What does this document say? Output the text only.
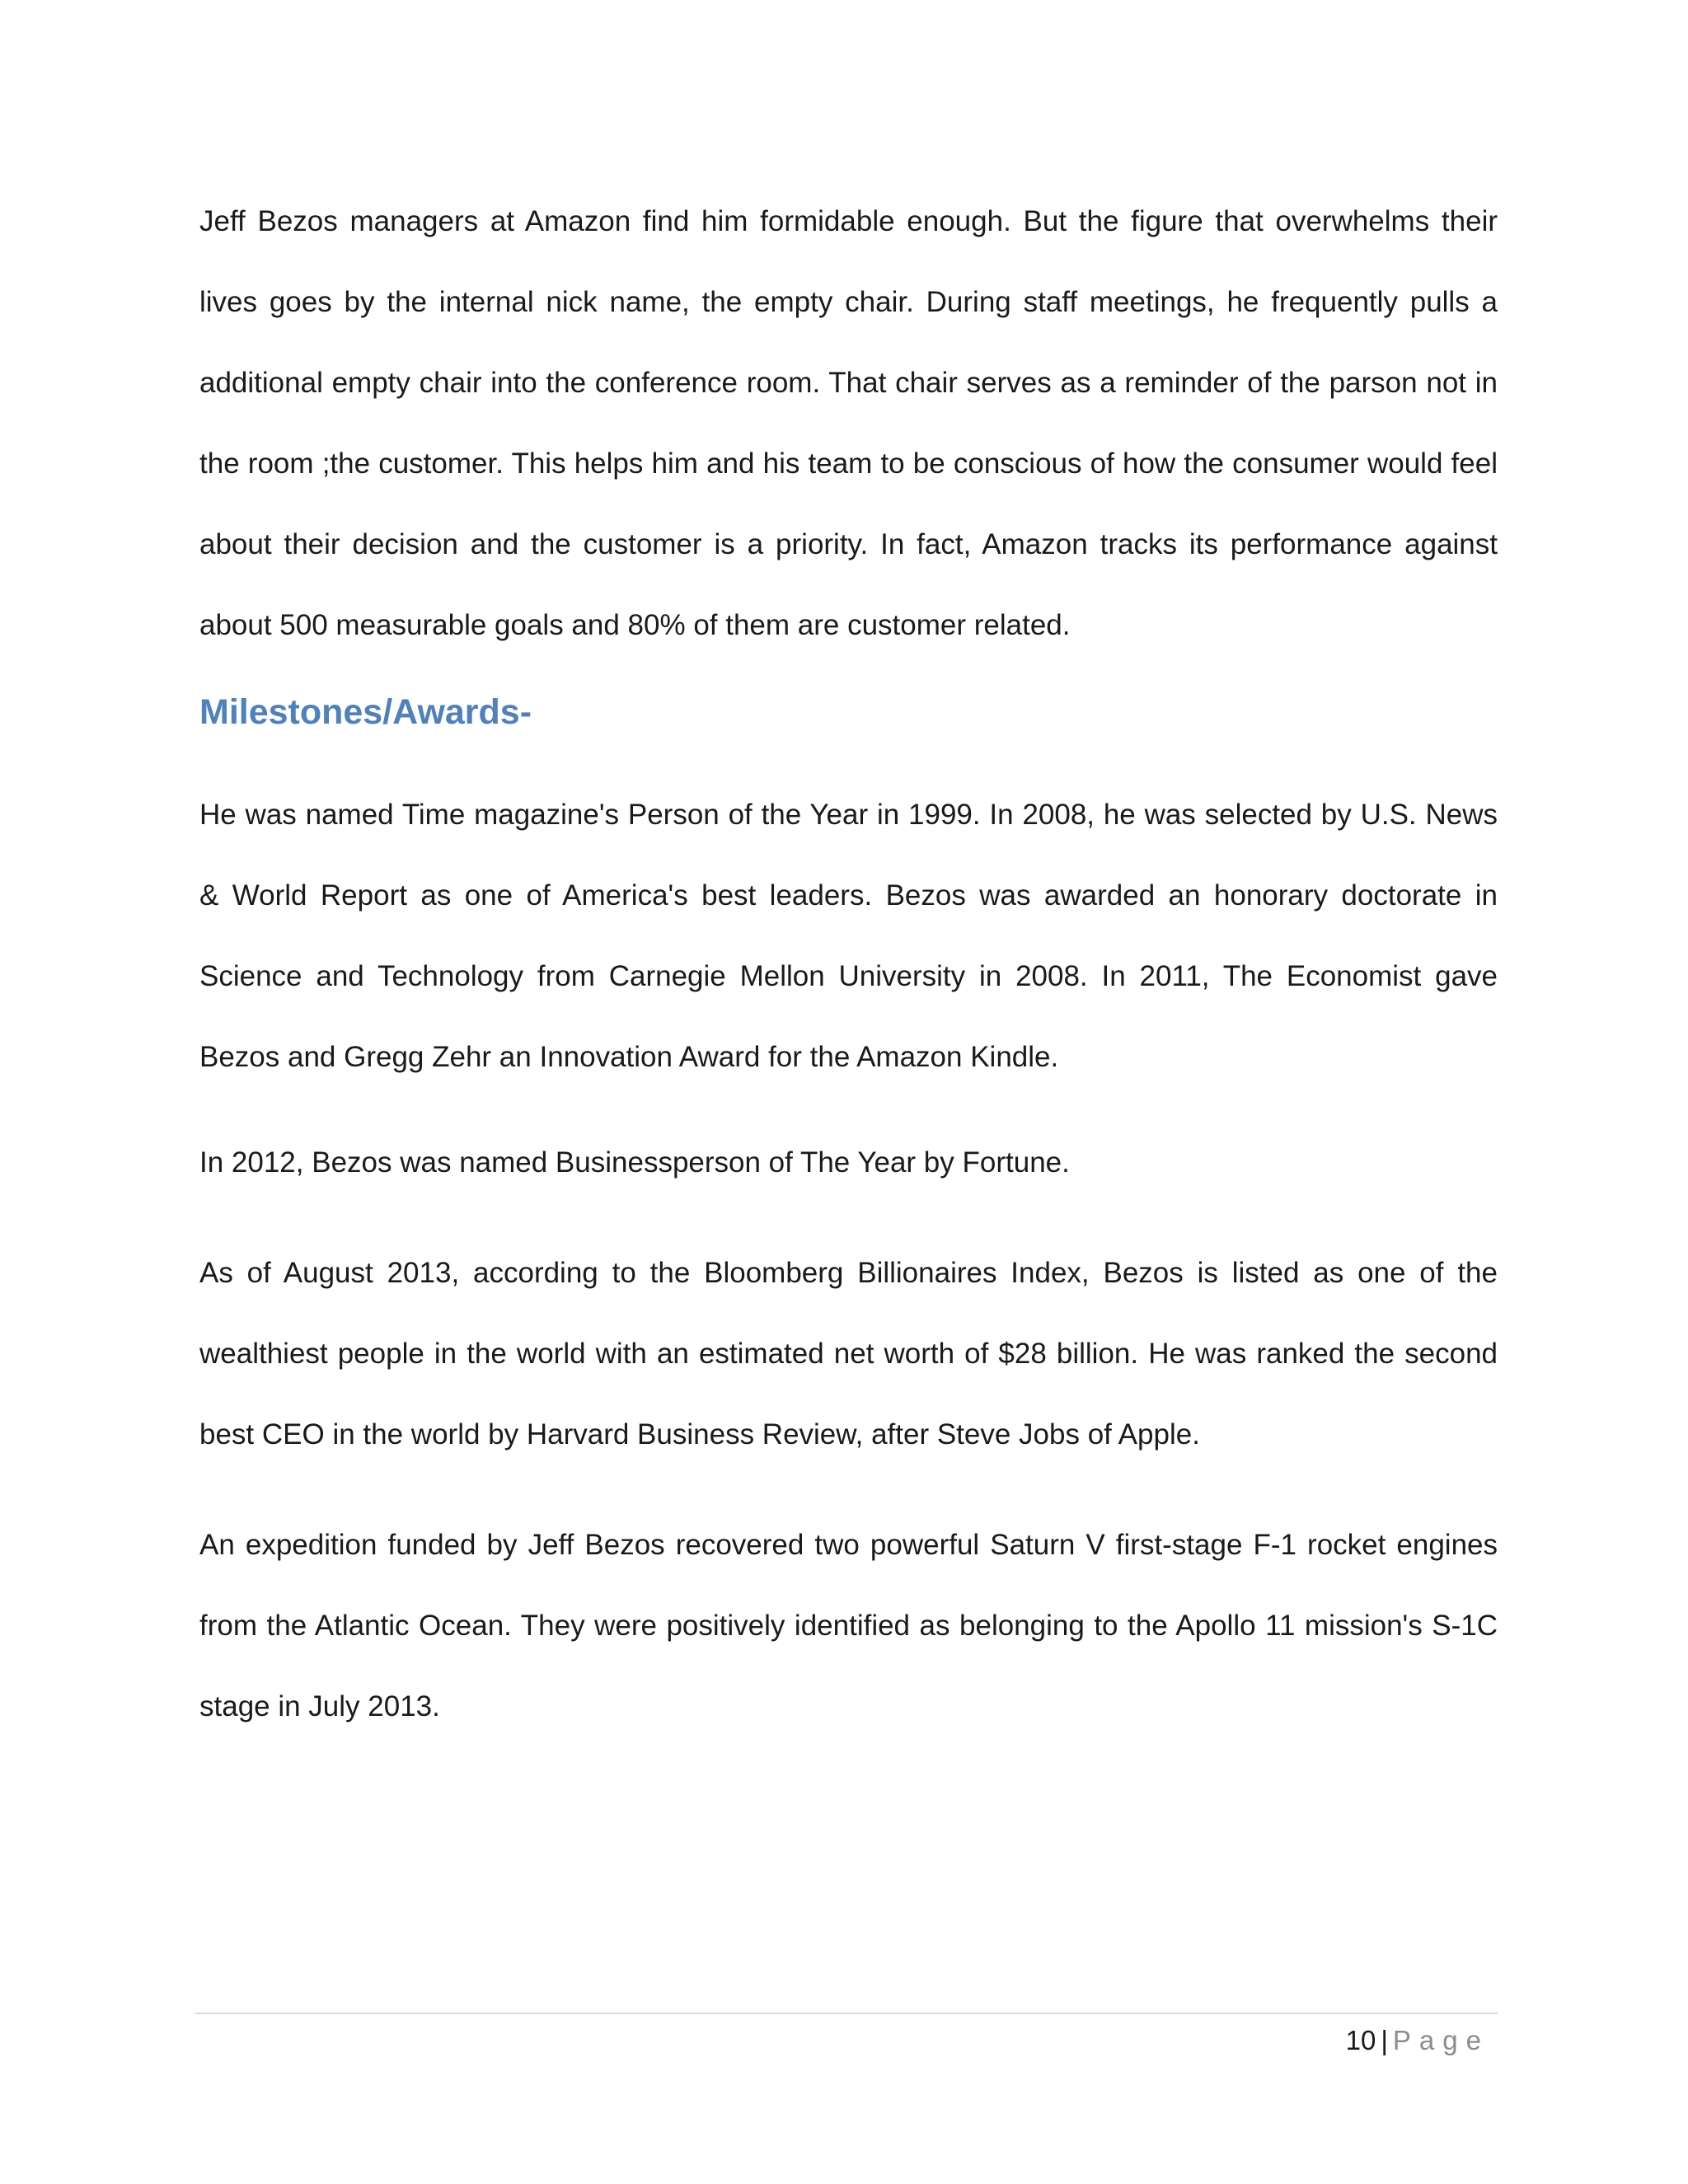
Jeff Bezos managers at Amazon find him formidable enough. But the figure that overwhelms their lives goes by the internal nick name, the empty chair. During staff meetings, he frequently pulls a additional empty chair into the conference room. That chair serves as a reminder of the parson not in the room ;the customer. This helps him and his team to be conscious of how the consumer would feel about their decision and the customer is a priority. In fact, Amazon tracks its performance against about 500 measurable goals and 80% of them are customer related.

Milestones/Awards-

He was named Time magazine's Person of the Year in 1999. In 2008, he was selected by U.S. News & World Report as one of America's best leaders. Bezos was awarded an honorary doctorate in Science and Technology from Carnegie Mellon University in 2008. In 2011, The Economist gave Bezos and Gregg Zehr an Innovation Award for the Amazon Kindle.

In 2012, Bezos was named Businessperson of The Year by Fortune.

As of August 2013, according to the Bloomberg Billionaires Index, Bezos is listed as one of the wealthiest people in the world with an estimated net worth of $28 billion. He was ranked the second best CEO in the world by Harvard Business Review, after Steve Jobs of Apple.

An expedition funded by Jeff Bezos recovered two powerful Saturn V first-stage F-1 rocket engines from the Atlantic Ocean. They were positively identified as belonging to the Apollo 11 mission's S-1C stage in July 2013.

10 | Page
